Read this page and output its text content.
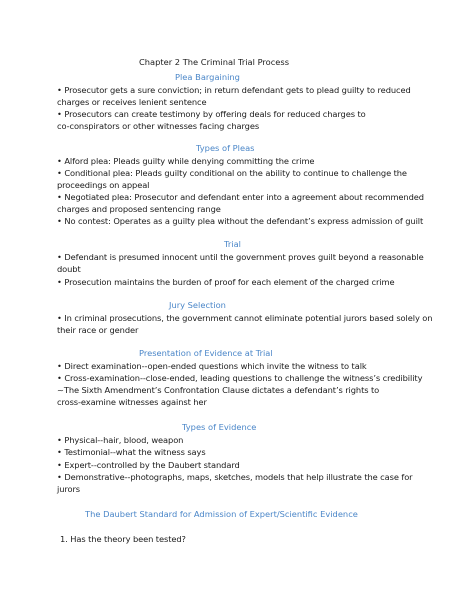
Chapter 2 The Criminal Trial Process
Plea Bargaining
• Prosecutor gets a sure conviction; in return defendant gets to plead guilty to reduced
charges or receives lenient sentence
• Prosecutors can create testimony by offering deals for reduced charges to
co-conspirators or other witnesses facing charges
Types of Pleas
• Alford plea: Pleads guilty while denying committing the crime
• Conditional plea: Pleads guilty conditional on the ability to continue to challenge the
proceedings on appeal
• Negotiated plea: Prosecutor and defendant enter into a agreement about recommended
charges and proposed sentencing range
• No contest: Operates as a guilty plea without the defendant’s express admission of guilt
Trial
• Defendant is presumed innocent until the government proves guilt beyond a reasonable
doubt
• Prosecution maintains the burden of proof for each element of the charged crime
Jury Selection
• In criminal prosecutions, the government cannot eliminate potential jurors based solely on
their race or gender
Presentation of Evidence at Trial
• Direct examination--open-ended questions which invite the witness to talk
• Cross-examination--close-ended, leading questions to challenge the witness’s credibility
~The Sixth Amendment’s Confrontation Clause dictates a defendant’s rights to
cross-examine witnesses against her
Types of Evidence
• Physical--hair, blood, weapon
• Testimonial--what the witness says
• Expert--controlled by the Daubert standard
• Demonstrative--photographs, maps, sketches, models that help illustrate the case for
jurors
The Daubert Standard for Admission of Expert/Scientific Evidence
1. Has the theory been tested?
